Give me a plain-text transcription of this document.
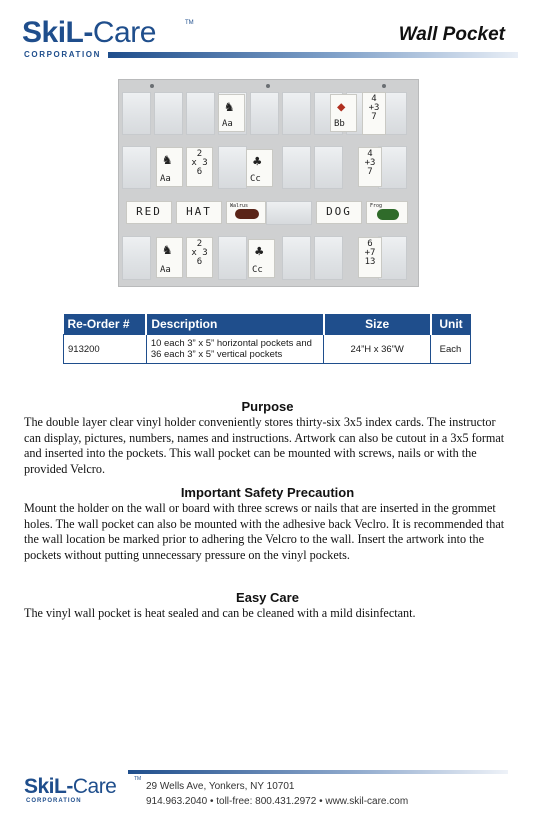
SkiL-Care	TM
CORPORATION
Wall Pocket
♞
Aa
◆
Bb
4
+3
7
♞
Aa
2
x 3
6
♣
Cc
4
+3
7
RED	HAT	Walrus	DOG	Frog
♞
Aa
2
x 3
6
♣
Cc
6
+7
13
Re-Order #	Description	Size	Unit
913200	10 each 3” x 5” horizontal pockets and
36 each 3” x 5” vertical pockets	24”H x 36”W	Each
Purpose

The double layer clear vinyl holder conveniently stores thirty-six 3x5 index cards. The instructor can display, pictures, numbers, names and instructions. Artwork can also be cutout in a 3x5 format and inserted into the pockets. This wall pocket can be mounted with screws, nails or with the provided Velcro.

Important Safety Precaution

Mount the holder on the wall or board with three screws or nails that are inserted in the grommet holes. The wall pocket can also be mounted with the adhesive back Veclro. It is recommended that the wall location be marked prior to adhering the Velcro to the wall. Insert the artwork into the pockets without putting unnecessary pressure on the vinyl pockets.

Easy Care

The vinyl wall pocket is heat sealed and can be cleaned with a mild disinfectant.

SkiL-Care	TM
CORPORATION
29 Wells Ave, Yonkers, NY 10701
914.963.2040 • toll-free: 800.431.2972 • www.skil-care.com
